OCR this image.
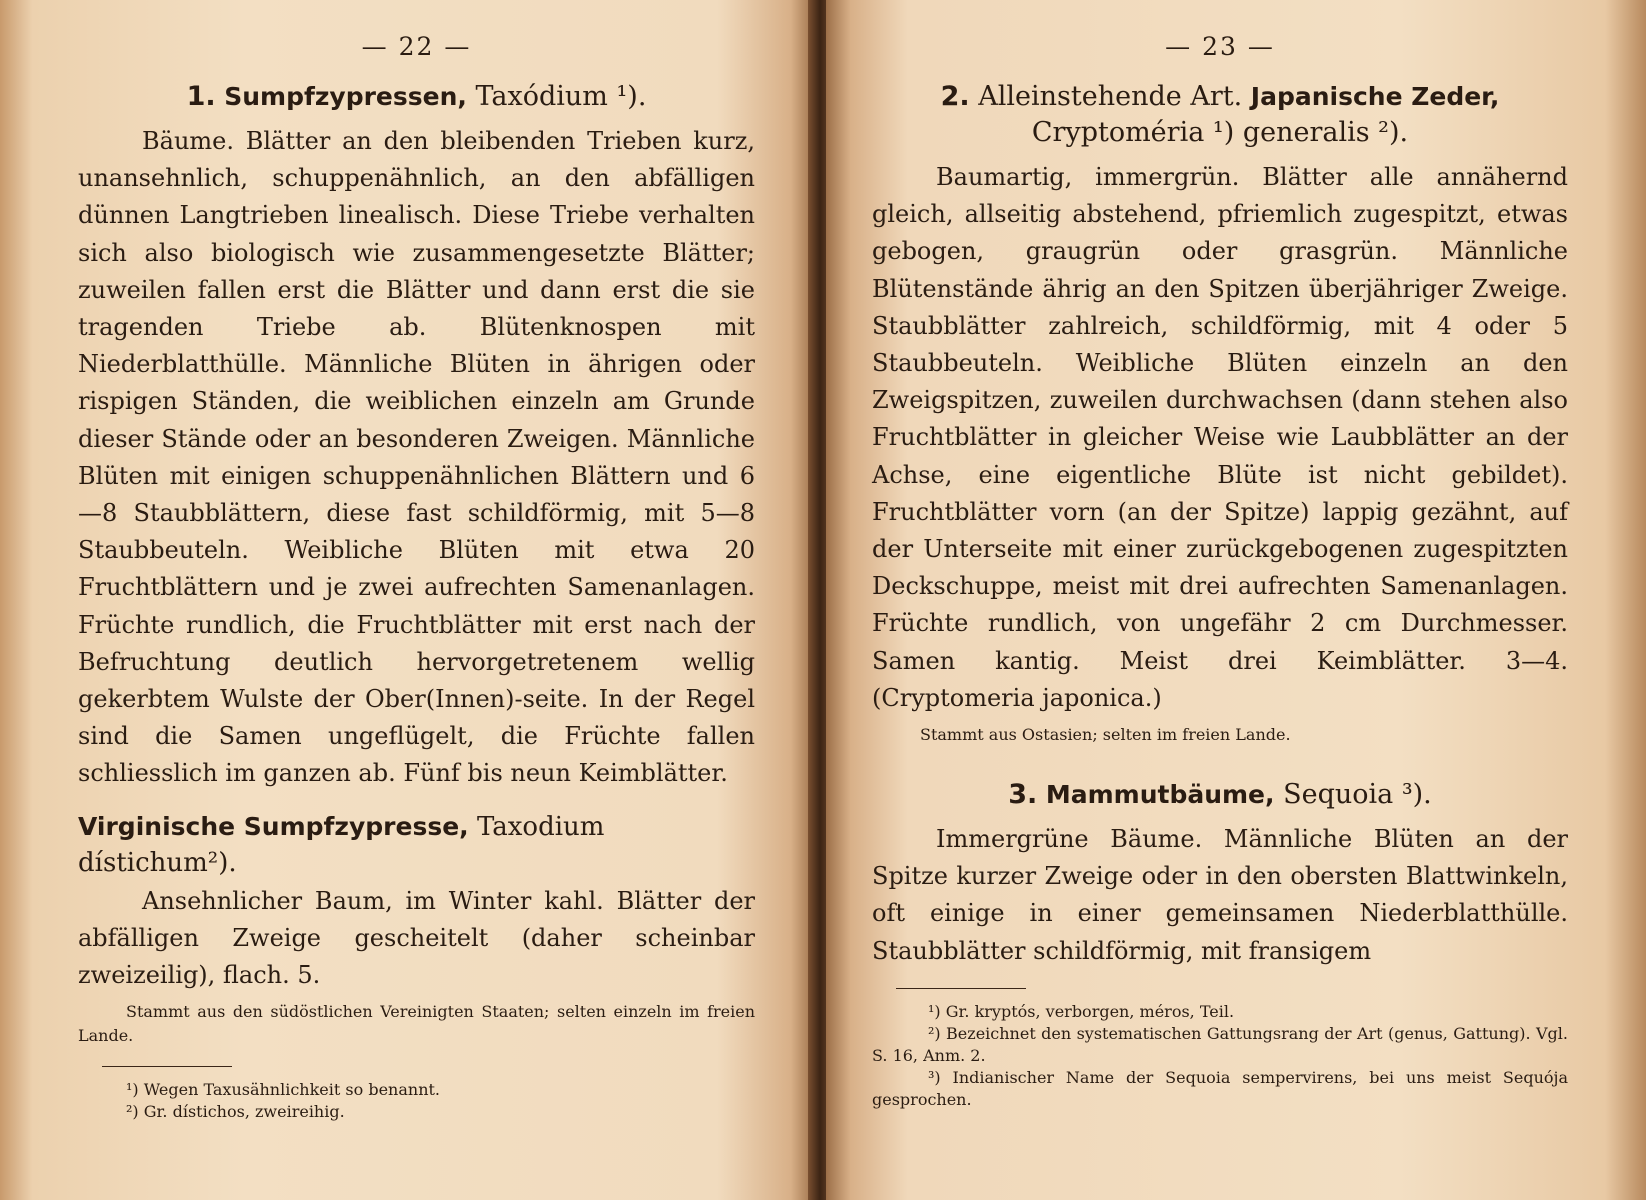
— 22 —
1. Sumpfzypressen, Taxódium ¹).

Bäume. Blätter an den bleibenden Trieben kurz, unansehnlich, schuppenähnlich, an den abfälligen dünnen Langtrieben linealisch. Diese Triebe verhalten sich also biologisch wie zusammengesetzte Blätter; zuweilen fallen erst die Blätter und dann erst die sie tragenden Triebe ab. Blütenknospen mit Niederblatthülle. Männliche Blüten in ährigen oder rispigen Ständen, die weiblichen einzeln am Grunde dieser Stände oder an besonderen Zweigen. Männliche Blüten mit einigen schuppenähnlichen Blättern und 6—8 Staubblättern, diese fast schildförmig, mit 5—8 Staubbeuteln. Weibliche Blüten mit etwa 20 Fruchtblättern und je zwei aufrechten Samenanlagen. Früchte rundlich, die Fruchtblätter mit erst nach der Befruchtung deutlich hervorgetretenem wellig gekerbtem Wulste der Ober(Innen)-seite. In der Regel sind die Samen ungeflügelt, die Früchte fallen schliesslich im ganzen ab. Fünf bis neun Keimblätter.

Virginische Sumpfzypresse, Taxodium dístichum²).

Ansehnlicher Baum, im Winter kahl. Blätter der abfälligen Zweige gescheitelt (daher scheinbar zweizeilig), flach. 5.

Stammt aus den südöstlichen Vereinigten Staaten; selten einzeln im freien Lande.

¹) Wegen Taxusähnlichkeit so benannt.

²) Gr. dístichos, zweireihig.

— 23 —
2. Alleinstehende Art. Japanische Zeder,
Cryptoméria ¹) generalis ²).

Baumartig, immergrün. Blätter alle annähernd gleich, allseitig abstehend, pfriemlich zugespitzt, etwas gebogen, graugrün oder grasgrün. Männliche Blütenstände ährig an den Spitzen überjähriger Zweige. Staubblätter zahlreich, schildförmig, mit 4 oder 5 Staubbeuteln. Weibliche Blüten einzeln an den Zweigspitzen, zuweilen durchwachsen (dann stehen also Fruchtblätter in gleicher Weise wie Laubblätter an der Achse, eine eigentliche Blüte ist nicht gebildet). Fruchtblätter vorn (an der Spitze) lappig gezähnt, auf der Unterseite mit einer zurückgebogenen zugespitzten Deckschuppe, meist mit drei aufrechten Samenanlagen. Früchte rundlich, von ungefähr 2 cm Durchmesser. Samen kantig. Meist drei Keimblätter. 3—4. (Cryptomeria japonica.)

Stammt aus Ostasien; selten im freien Lande.

3. Mammutbäume, Sequoia ³).

Immergrüne Bäume. Männliche Blüten an der Spitze kurzer Zweige oder in den obersten Blattwinkeln, oft einige in einer gemeinsamen Niederblatthülle. Staubblätter schildförmig, mit fransigem

¹) Gr. kryptós, verborgen, méros, Teil.

²) Bezeichnet den systematischen Gattungsrang der Art (genus, Gattung). Vgl. S. 16, Anm. 2.

³) Indianischer Name der Sequoia sempervirens, bei uns meist Sequója gesprochen.
